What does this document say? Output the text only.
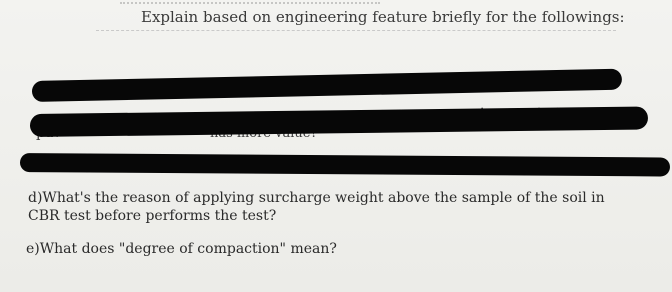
Explain based on engineering feature briefly for the followings:
d)What's the reason of applying surcharge weight above the sample of the soil in
CBR test before performs the test?
e)What does "degree of compaction" mean?
